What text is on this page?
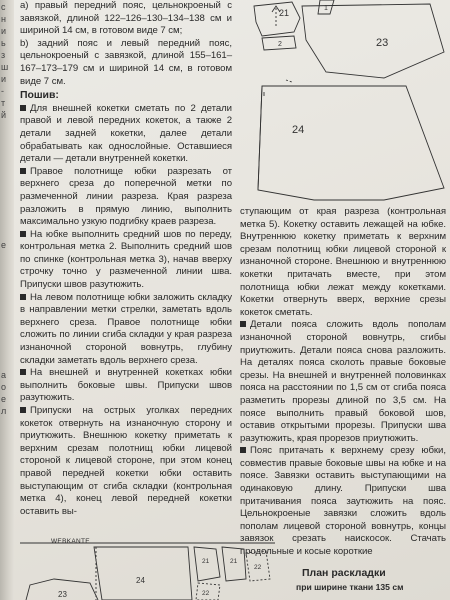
с
н
и
ь
з
ш
и
-
т
й
е
а
о
е
л
21	1
2	23
24

а) правый передний пояс, цельнокроеный с завязкой, длиной 122–126–130–134–138 см и шириной 14 см, в готовом виде 7 см;

b) задний пояс и левый передний пояс, цельнокроеный с завязкой, длиной 155–161–167–173–179 см и шириной 14 см, в готовом виде 7 см.

Пошив:

Для внешней кокетки сметать по 2 детали правой и левой передних кокеток, а также 2 детали задней кокетки, далее детали обрабатывать как однослойные. Оставшиеся детали — детали внутренней кокетки.

Правое полотнище юбки разрезать от верхнего среза до поперечной метки по размеченной линии разреза. Края разреза разложить в прямую линию, выполнить максимально узкую подгибку краев разреза.

На юбке выполнить средний шов по переду, контрольная метка 2. Выполнить средний шов по спинке (контрольная метка 3), начав вверху строчку точно у размеченной линии шва. Припуски швов разутюжить.

На левом полотнище юбки заложить складку в направлении метки стрелки, заметать вдоль верхнего среза. Правое полотнище юбки сложить по линии сгиба складки у края разреза изнаночной стороной вовнутрь, глубину складки заметать вдоль верхнего среза.

На внешней и внутренней кокетках юбки выполнить боковые швы. Припуски швов разутюжить.

Припуски на острых уголках передних кокеток отвернуть на изнаночную сторону и приутюжить. Внешнюю кокетку приметать к верхним срезам полотнищ юбки лицевой стороной к лицевой стороне, при этом конец правой передней кокетки юбки оставить выступающим от сгиба складки (контрольная метка 4), конец левой передней кокетки оставить вы-

ступающим от края разреза (контрольная метка 5). Кокетку оставить лежащей на юбке. Внутреннюю кокетку приметать к верхним срезам полотнищ юбки лицевой стороной к изнаночной стороне. Внешнюю и внутреннюю кокетки притачать вместе, при этом полотнища юбки лежат между кокетками. Кокетки отвернуть вверх, верхние срезы кокеток сметать.

Детали пояса сложить вдоль пополам изнаночной стороной вовнутрь, сгибы приутюжить. Детали пояса снова разложить. На деталях пояса сколоть правые боковые срезы. На внешней и внутренней половинках пояса на расстоянии по 1,5 см от сгиба пояса разметить прорезы длиной по 3,5 см. На поясе выполнить правый боковой шов, оставив открытыми прорезы. Припуски шва разутюжить, края прорезов приутюжить.

Пояс притачать к верхнему срезу юбки, совместив правые боковые швы на юбке и на поясе. Завязки оставить выступающими на одинаковую длину. Припуски шва притачивания пояса заутюжить на пояс. Цельнокроеные завязки сложить вдоль пополам лицевой стороной вовнутрь, концы завязок срезать наискосок. Стачать продольные и косые короткие

24
23
21	21
22
22
WEBKANTE
План раскладки
при ширине ткани 135 см
